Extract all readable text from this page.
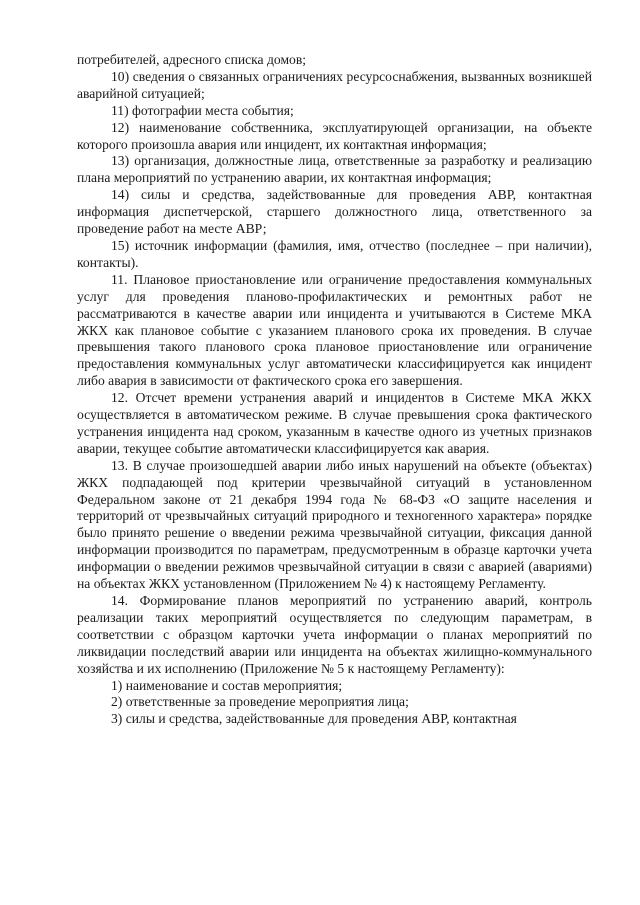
потребителей, адресного списка домов;

10) сведения о связанных ограничениях ресурсоснабжения, вызванных возникшей аварийной ситуацией;

11) фотографии места события;

12) наименование собственника, эксплуатирующей организации, на объекте которого произошла авария или инцидент, их контактная информация;

13) организация, должностные лица, ответственные за разработку и реализацию плана мероприятий по устранению аварии, их контактная информация;

14) силы и средства, задействованные для проведения АВР, контактная информация диспетчерской, старшего должностного лица, ответственного за проведение работ на месте АВР;

15) источник информации (фамилия, имя, отчество (последнее – при наличии), контакты).

11. Плановое приостановление или ограничение предоставления коммунальных услуг для проведения планово-профилактических и ремонтных работ не рассматриваются в качестве аварии или инцидента и учитываются в Системе МКА ЖКХ как плановое событие с указанием планового срока их проведения. В случае превышения такого планового срока плановое приостановление или ограничение предоставления коммунальных услуг автоматически классифицируется как инцидент либо авария в зависимости от фактического срока его завершения.

12. Отсчет времени устранения аварий и инцидентов в Системе МКА ЖКХ осуществляется в автоматическом режиме. В случае превышения срока фактического устранения инцидента над сроком, указанным в качестве одного из учетных признаков аварии, текущее событие автоматически классифицируется как авария.

13. В случае произошедшей аварии либо иных нарушений на объекте (объектах) ЖКХ подпадающей под критерии чрезвычайной ситуаций в установленном Федеральном законе от 21 декабря 1994 года № 68-ФЗ «О защите населения и территорий от чрезвычайных ситуаций природного и техногенного характера» порядке было принято решение о введении режима чрезвычайной ситуации, фиксация данной информации производится по параметрам, предусмотренным в образце карточки учета информации о введении режимов чрезвычайной ситуации в связи с аварией (авариями) на объектах ЖКХ установленном (Приложением № 4) к настоящему Регламенту.

14. Формирование планов мероприятий по устранению аварий, контроль реализации таких мероприятий осуществляется по следующим параметрам, в соответствии с образцом карточки учета информации о планах мероприятий по ликвидации последствий аварии или инцидента на объектах жилищно-коммунального хозяйства и их исполнению (Приложение № 5 к настоящему Регламенту):

1) наименование и состав мероприятия;

2) ответственные за проведение мероприятия лица;

3) силы и средства, задействованные для проведения АВР, контактная
